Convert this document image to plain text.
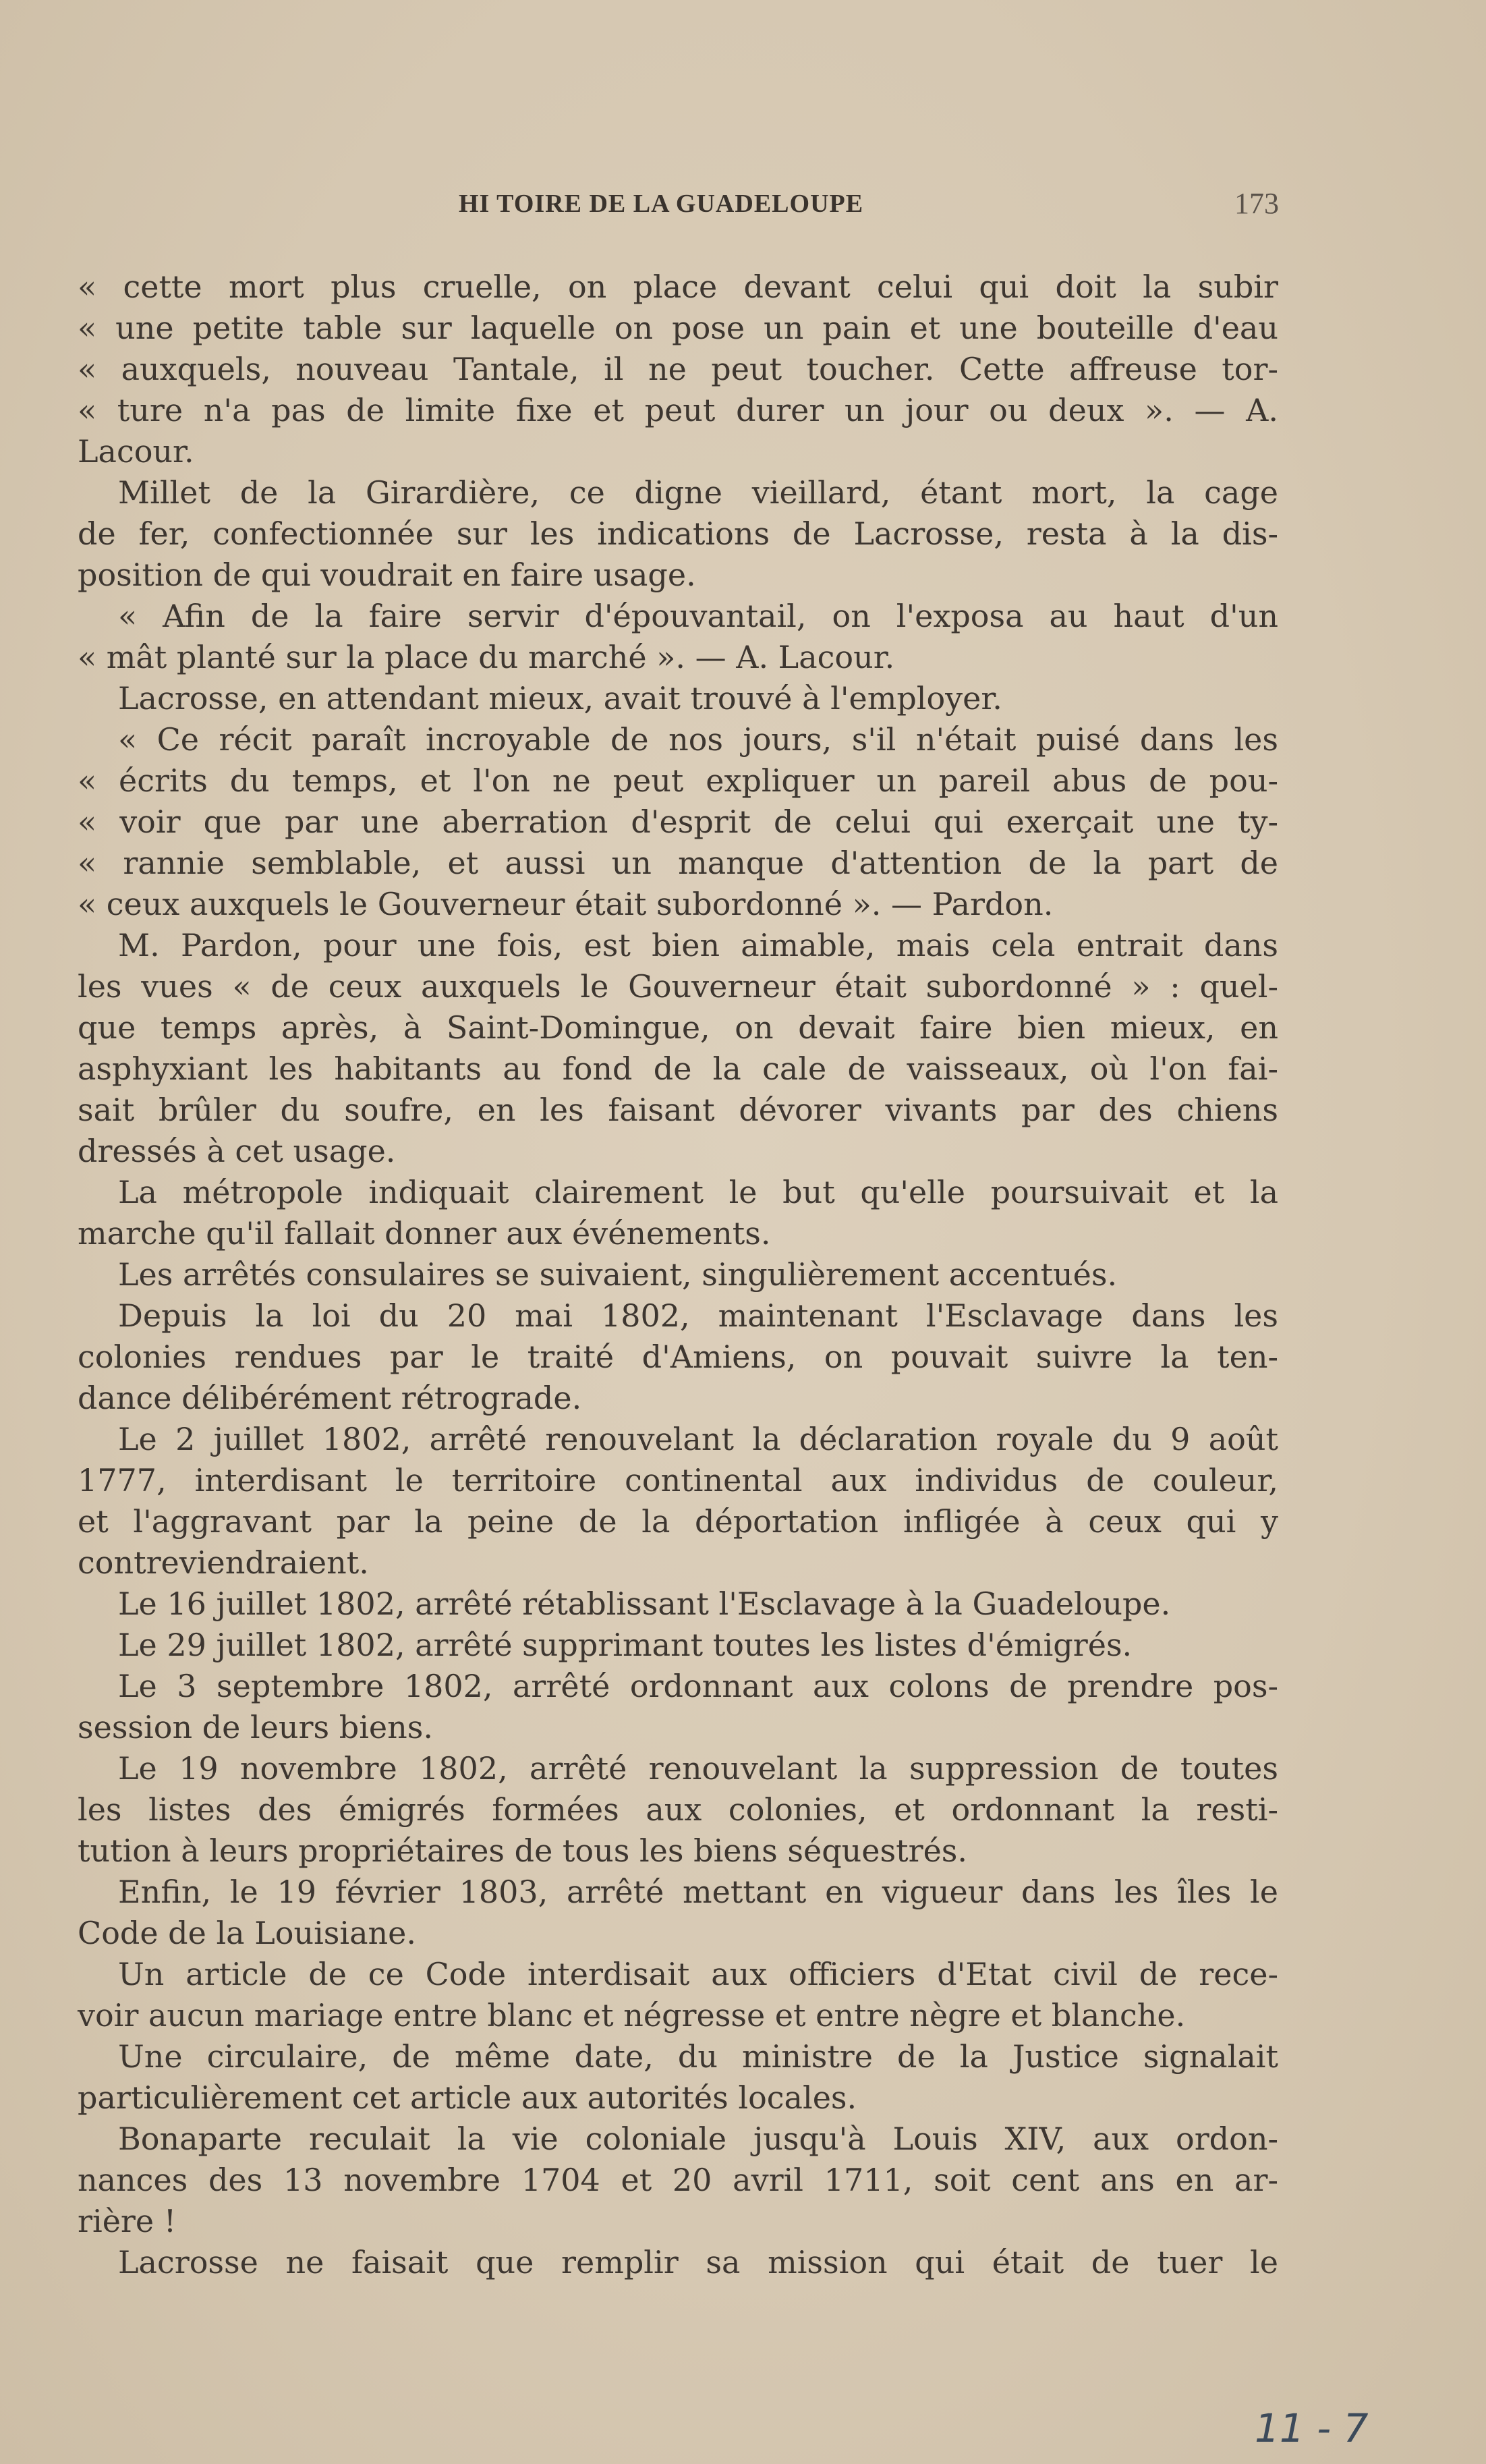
HI TOIRE DE LA GUADELOUPE	173
« cette mort plus cruelle, on place devant celui qui doit la subir
« une petite table sur laquelle on pose un pain et une bouteille d'eau
« auxquels, nouveau Tantale, il ne peut toucher. Cette affreuse tor-
« ture n'a pas de limite fixe et peut durer un jour ou deux ». — A.
Lacour.
Millet de la Girardière, ce digne vieillard, étant mort, la cage
de fer, confectionnée sur les indications de Lacrosse, resta à la dis-
position de qui voudrait en faire usage.
« Afin de la faire servir d'épouvantail, on l'exposa au haut d'un
« mât planté sur la place du marché ». — A. Lacour.
Lacrosse, en attendant mieux, avait trouvé à l'employer.
« Ce récit paraît incroyable de nos jours, s'il n'était puisé dans les
« écrits du temps, et l'on ne peut expliquer un pareil abus de pou-
« voir que par une aberration d'esprit de celui qui exerçait une ty-
« rannie semblable, et aussi un manque d'attention de la part de
« ceux auxquels le Gouverneur était subordonné ». — Pardon.
M. Pardon, pour une fois, est bien aimable, mais cela entrait dans
les vues « de ceux auxquels le Gouverneur était subordonné » : quel-
que temps après, à Saint-Domingue, on devait faire bien mieux, en
asphyxiant les habitants au fond de la cale de vaisseaux, où l'on fai-
sait brûler du soufre, en les faisant dévorer vivants par des chiens
dressés à cet usage.
La métropole indiquait clairement le but qu'elle poursuivait et la
marche qu'il fallait donner aux événements.
Les arrêtés consulaires se suivaient, singulièrement accentués.
Depuis la loi du 20 mai 1802, maintenant l'Esclavage dans les
colonies rendues par le traité d'Amiens, on pouvait suivre la ten-
dance délibérément rétrograde.
Le 2 juillet 1802, arrêté renouvelant la déclaration royale du 9 août
1777, interdisant le territoire continental aux individus de couleur,
et l'aggravant par la peine de la déportation infligée à ceux qui y
contreviendraient.
Le 16 juillet 1802, arrêté rétablissant l'Esclavage à la Guadeloupe.
Le 29 juillet 1802, arrêté supprimant toutes les listes d'émigrés.
Le 3 septembre 1802, arrêté ordonnant aux colons de prendre pos-
session de leurs biens.
Le 19 novembre 1802, arrêté renouvelant la suppression de toutes
les listes des émigrés formées aux colonies, et ordonnant la resti-
tution à leurs propriétaires de tous les biens séquestrés.
Enfin, le 19 février 1803, arrêté mettant en vigueur dans les îles le
Code de la Louisiane.
Un article de ce Code interdisait aux officiers d'Etat civil de rece-
voir aucun mariage entre blanc et négresse et entre nègre et blanche.
Une circulaire, de même date, du ministre de la Justice signalait
particulièrement cet article aux autorités locales.
Bonaparte reculait la vie coloniale jusqu'à Louis XIV, aux ordon-
nances des 13 novembre 1704 et 20 avril 1711, soit cent ans en ar-
rière !
Lacrosse ne faisait que remplir sa mission qui était de tuer le
11 - 7
